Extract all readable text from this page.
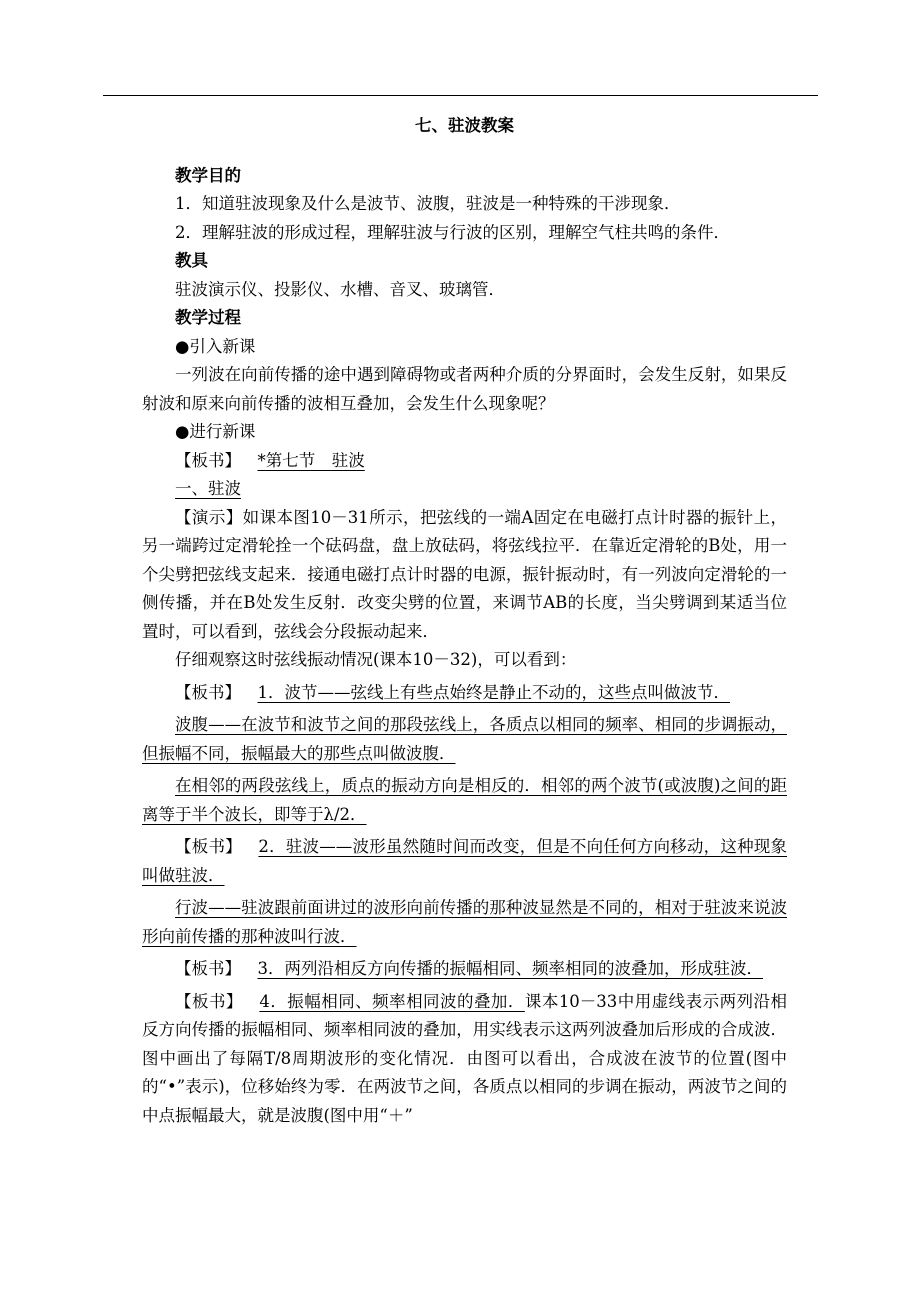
七、驻波教案
教学目的
1．知道驻波现象及什么是波节、波腹，驻波是一种特殊的干涉现象．
2．理解驻波的形成过程，理解驻波与行波的区别，理解空气柱共鸣的条件．
教具
驻波演示仪、投影仪、水槽、音叉、玻璃管．
教学过程
●引入新课
一列波在向前传播的途中遇到障碍物或者两种介质的分界面时，会发生反射，如果反射波和原来向前传播的波相互叠加，会发生什么现象呢？
●进行新课
【板书】   *第七节　驻波
一、驻波
【演示】如课本图10－31所示，把弦线的一端A固定在电磁打点计时器的振针上，另一端跨过定滑轮拴一个砝码盘，盘上放砝码，将弦线拉平．在靠近定滑轮的B处，用一个尖劈把弦线支起来．接通电磁打点计时器的电源，振针振动时，有一列波向定滑轮的一侧传播，并在B处发生反射．改变尖劈的位置，来调节AB的长度，当尖劈调到某适当位置时，可以看到，弦线会分段振动起来．
仔细观察这时弦线振动情况(课本10－32)，可以看到：
【板书】   1．波节——弦线上有些点始终是静止不动的，这些点叫做波节．
波腹——在波节和波节之间的那段弦线上，各质点以相同的频率、相同的步调振动，但振幅不同，振幅最大的那些点叫做波腹．
在相邻的两段弦线上，质点的振动方向是相反的．相邻的两个波节(或波腹)之间的距离等于半个波长，即等于λ/2．
【板书】   2．驻波——波形虽然随时间而改变，但是不向任何方向移动，这种现象叫做驻波．
行波——驻波跟前面讲过的波形向前传播的那种波显然是不同的，相对于驻波来说波形向前传播的那种波叫行波．
【板书】   3．两列沿相反方向传播的振幅相同、频率相同的波叠加，形成驻波．
【板书】   4．振幅相同、频率相同波的叠加．课本10－33中用虚线表示两列沿相反方向传播的振幅相同、频率相同波的叠加，用实线表示这两列波叠加后形成的合成波．图中画出了每隔T/8周期波形的变化情况．由图可以看出，合成波在波节的位置(图中的“•”表示)，位移始终为零．在两波节之间，各质点以相同的步调在振动，两波节之间的中点振幅最大，就是波腹(图中用“＋”
